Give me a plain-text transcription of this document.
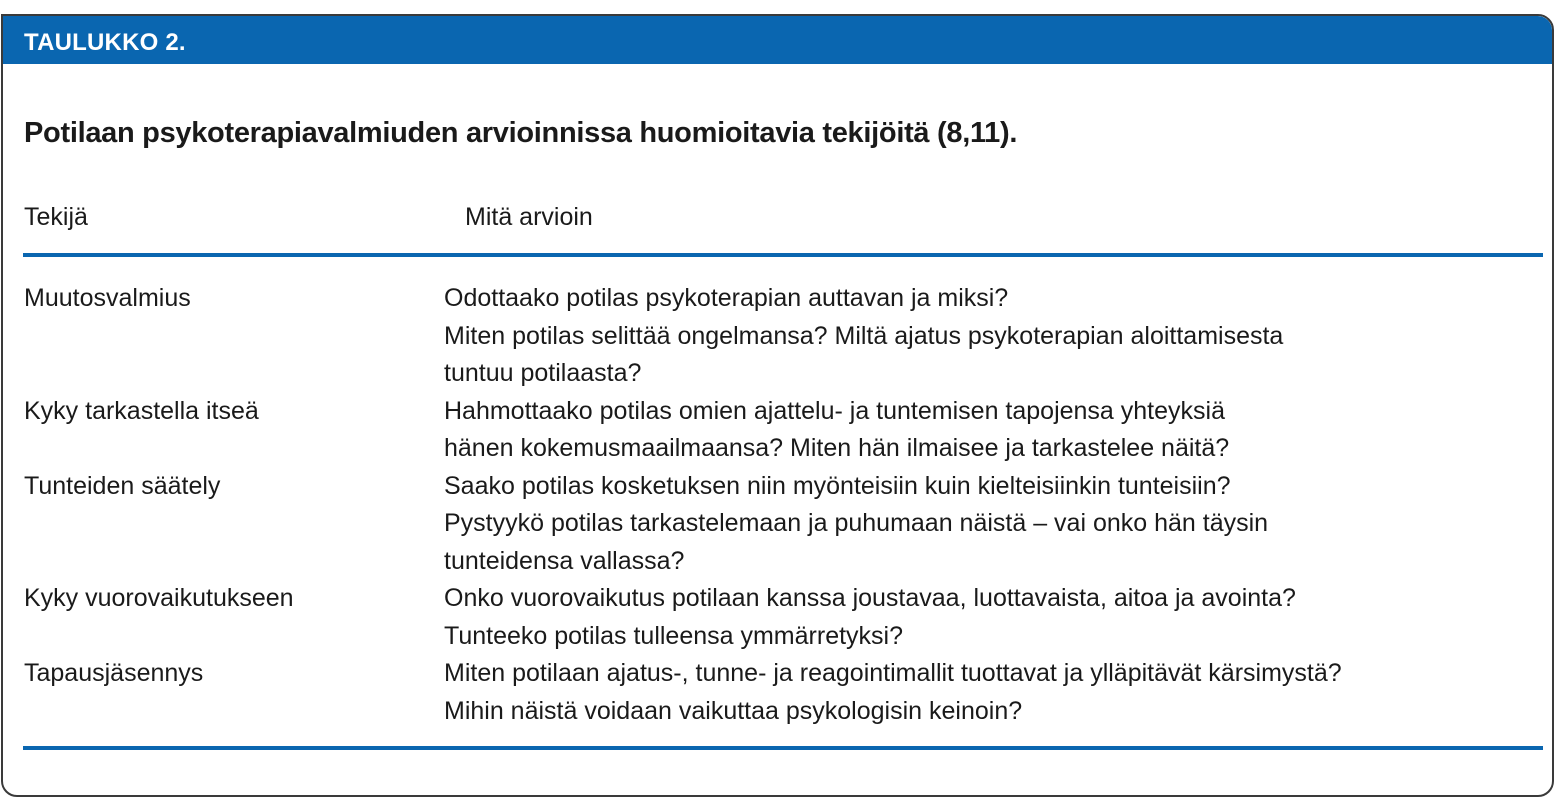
TAULUKKO 2.
Potilaan psykoterapiavalmiuden arvioinnissa huomioitavia tekijöitä (8,11).
Tekijä	Mitä arvioin
Muutosvalmius	Odottaako potilas psykoterapian auttavan ja miksi?
Miten potilas selittää ongelmansa? Miltä ajatus psykoterapian aloittamisesta
tuntuu potilaasta?
Kyky tarkastella itseä	Hahmottaako potilas omien ajattelu- ja tuntemisen tapojensa yhteyksiä
hänen kokemusmaailmaansa? Miten hän ilmaisee ja tarkastelee näitä?
Tunteiden säätely	Saako potilas kosketuksen niin myönteisiin kuin kielteisiinkin tunteisiin?
Pystyykö potilas tarkastelemaan ja puhumaan näistä – vai onko hän täysin
tunteidensa vallassa?
Kyky vuorovaikutukseen	Onko vuorovaikutus potilaan kanssa joustavaa, luottavaista, aitoa ja avointa?
Tunteeko potilas tulleensa ymmärretyksi?
Tapausjäsennys	Miten potilaan ajatus-, tunne- ja reagointimallit tuottavat ja ylläpitävät kärsimystä?
Mihin näistä voidaan vaikuttaa psykologisin keinoin?
